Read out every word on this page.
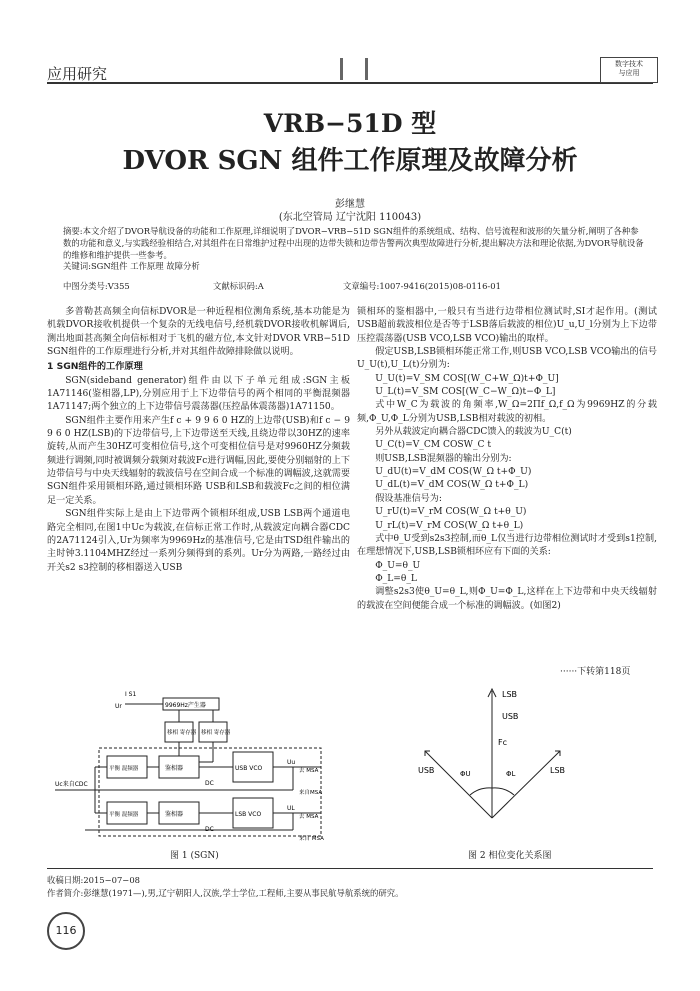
应用研究
数字技术
与应用
VRB−51D 型
DVOR SGN 组件工作原理及故障分析
彭继慧
(东北空管局 辽宁沈阳 110043)
摘要:本文介绍了DVOR导航设备的功能和工作原理,详细说明了DVOR−VRB−51D SGN组件的系统组成、结构、信号流程和波形的矢量分析,阐明了各种参数的功能和意义,与实践经验相结合,对其组件在日常维护过程中出现的边带失锁和边带告警两次典型故障进行分析,提出解决方法和理论依据,为DVOR导航设备的维修和维护提供一些参考。
关键词:SGN组件 工作原理 故障分析
中图分类号:V355	文献标识码:A	文章编号:1007-9416(2015)08-0116-01

多普勒甚高频全向信标DVOR是一种近程相位测角系统,基本功能是为机载DVOR接收机提供一个复杂的无线电信号,经机载DVOR接收机解调后,测出地面甚高频全向信标相对于飞机的磁方位,本文针对DVOR VRB−51D SGN组件的工作原理进行分析,并对其组件故障排除做以说明。

1 SGN组件的工作原理

SGN(sideband generator)组件由以下子单元组成:SGN主板1A71146(鉴相器,LP),分别应用于上下边带信号的两个相同的平衡混频器1A71147;两个独立的上下边带信号震荡器(压控晶体震荡器)1A71150。

SGN组件主要作用来产生f c + 9 9 6 0 HZ的上边带(USB)和f c − 9 9 6 0 HZ(LSB)的下边带信号,上下边带送至天线,且绕边带以30HZ的速率旋转,从而产生30HZ可变相位信号,这个可变相位信号是对9960HZ分频载频进行调频,同时被调频分载频对载波Fc进行调幅,因此,要使分别辐射的上下边带信号与中央天线辐射的载波信号在空间合成一个标准的调幅波,这就需要SGN组件采用锁相环路,通过锁相环路 USB和LSB和载波Fc之间的相位满足一定关系。

SGN组件实际上是由上下边带两个锁相环组成,USB LSB两个通道电路完全相同,在图1中Uc为载波,在信标正常工作时,从载波定向耦合器CDC的2A71124引入,Ur为频率为9969Hz的基准信号,它是由TSD组件输出的主时钟3.1104MHZ经过一系列分频得到的系列。Ur分为两路,一路经过由开关s2 s3控制的移相器送入USB

锁相环的鉴相器中,一般只有当进行边带相位测试时,SI才起作用。(测试USB超前载波相位是否等于LSB落后载波的相位)U_u,U_l分别为上下边带压控震荡器(USB VCO,LSB VCO)输出的取样。

假定USB,LSB锁相环能正常工作,则USB VCO,LSB VCO输出的信号U_U(t),U_L(t)分别为:

U_U(t)=V_SM COS[(W_C+W_Ω)t+Φ_U]
U_L(t)=V_SM COS[(W_C−W_Ω)t−Φ_L]

式中W_C为载波的角频率,W_Ω=2Πf_Ω,f_Ω为9969HZ的分载频,Φ_U,Φ_L分别为USB,LSB相对载波的初相。

另外从载波定向耦合器CDC馈入的载波为U_C(t)

U_C(t)=V_CM COSW_C t

则USB,LSB混频器的输出分别为:

U_dU(t)=V_dM COS(W_Ω t+Φ_U)
U_dL(t)=V_dM COS(W_Ω t+Φ_L)
假设基准信号为:
U_rU(t)=V_rM COS(W_Ω t+θ_U)
U_rL(t)=V_rM COS(W_Ω t+θ_L)

式中θ_U受到s2s3控制,而θ_L仅当进行边带相位测试时才受到s1控制,在理想情况下,USB,LSB锁相环应有下面的关系:

Φ_U=θ_U
Φ_L=θ_L

调整s2s3使θ_U=θ_L,则Φ_U=Φ_L,这样在上下边带和中央天线辐射的载波在空间便能合成一个标准的调幅波。(如图2)

······下转第118页
I S1
Ur	9969Hz产生器
移相 寄存器 移相 寄存器
平衡 混频器	鉴相器	USB VCO
平衡 混频器	鉴相器	LSB VCO
DC
DC
Uc来自CDC
Uu
UL
去 MSA
去 MSA
来自MSA
来自 MSA
图 1 (SGN)
LSB
USB
Fc
USB	LSB
ΦU	ΦL
图 2 相位变化关系图
收稿日期:2015−07−08
作者简介:彭继慧(1971—),男,辽宁朝阳人,汉族,学士学位,工程师,主要从事民航导航系统的研究。
116
